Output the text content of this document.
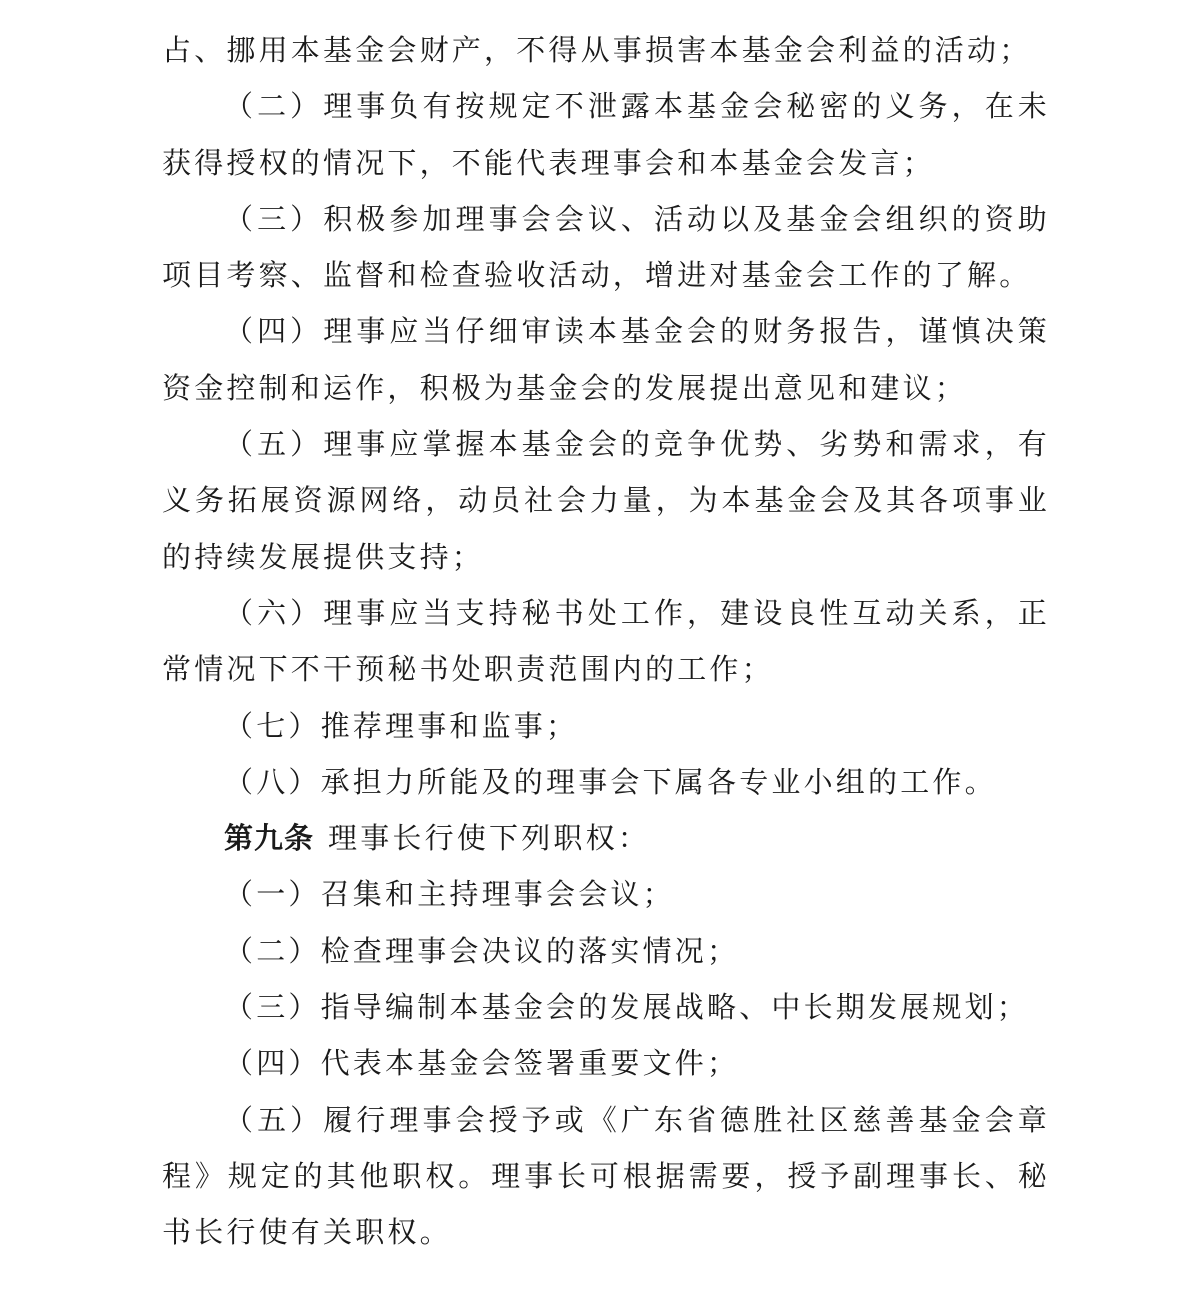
占、挪用本基金会财产，不得从事损害本基金会利益的活动；

（二）理事负有按规定不泄露本基金会秘密的义务，在未获得授权的情况下，不能代表理事会和本基金会发言；

（三）积极参加理事会会议、活动以及基金会组织的资助项目考察、监督和检查验收活动，增进对基金会工作的了解。

（四）理事应当仔细审读本基金会的财务报告，谨慎决策资金控制和运作，积极为基金会的发展提出意见和建议；

（五）理事应掌握本基金会的竞争优势、劣势和需求，有义务拓展资源网络，动员社会力量，为本基金会及其各项事业的持续发展提供支持；

（六）理事应当支持秘书处工作，建设良性互动关系，正常情况下不干预秘书处职责范围内的工作；

（七）推荐理事和监事；

（八）承担力所能及的理事会下属各专业小组的工作。

第九条 理事长行使下列职权：

（一）召集和主持理事会会议；

（二）检查理事会决议的落实情况；

（三）指导编制本基金会的发展战略、中长期发展规划；

（四）代表本基金会签署重要文件；

（五）履行理事会授予或《广东省德胜社区慈善基金会章程》规定的其他职权。理事长可根据需要，授予副理事长、秘书长行使有关职权。
